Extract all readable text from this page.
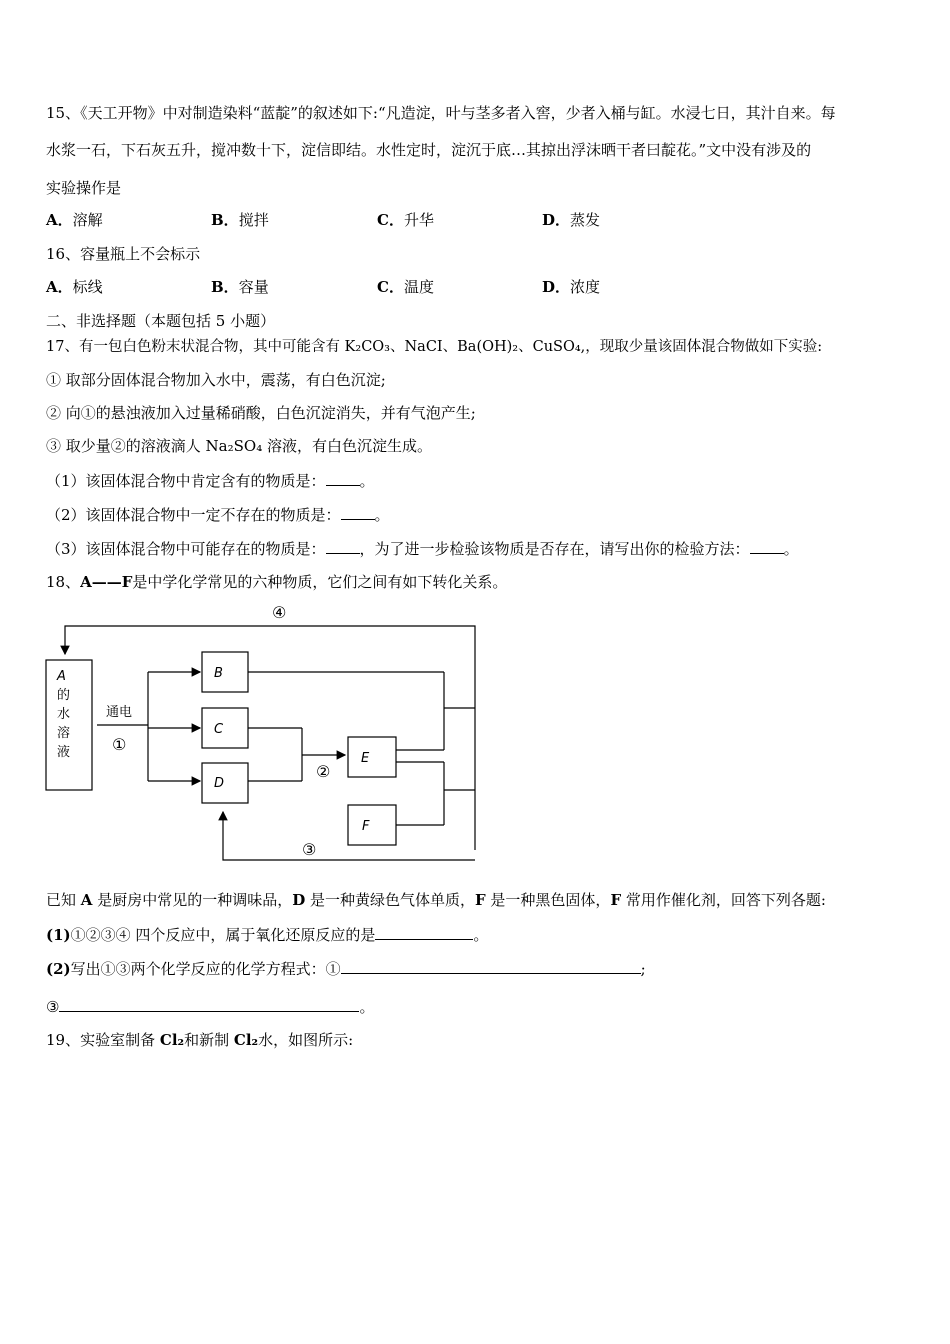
15、《天工开物》中对制造染料“蓝靛”的叙述如下:“凡造淀，叶与茎多者入窖，少者入桶与缸。水浸七日，其汁自来。每
水浆一石，下石灰五升，搅冲数十下，淀信即结。水性定时，淀沉于底…其掠出浮沫晒干者曰靛花。”文中没有涉及的
实验操作是
A．溶解	B．搅拌	C．升华	D．蒸发
16、容量瓶上不会标示
A．标线	B．容量	C．温度	D．浓度
二、非选择题（本题包括 5 小题）
17、有一包白色粉末状混合物，其中可能含有 K₂CO₃、NaCI、Ba(OH)₂、CuSO₄,，现取少量该固体混合物做如下实验:
① 取部分固体混合物加入水中，震荡，有白色沉淀;
② 向①的悬浊液加入过量稀硝酸，白色沉淀消失，并有气泡产生;
③ 取少量②的溶液滴人 Na₂SO₄ 溶液，有白色沉淀生成。
（1）该固体混合物中肯定含有的物质是： 。
（2）该固体混合物中一定不存在的物质是： 。
（3）该固体混合物中可能存在的物质是： ，为了进一步检验该物质是否存在，请写出你的检验方法： 。
18、A——F是中学化学常见的六种物质，它们之间有如下转化关系。
A
的
水
溶
液
通电
①
②
③
④
B
C
D
E
F
已知 A 是厨房中常见的一种调味品，D 是一种黄绿色气体单质，F 是一种黑色固体，F 常用作催化剂，回答下列各题:
(1)①②③④ 四个反应中，属于氧化还原反应的是	。
(2)写出①③两个化学反应的化学方程式：①	;
③	。
19、实验室制备 Cl₂和新制 Cl₂水，如图所示:
